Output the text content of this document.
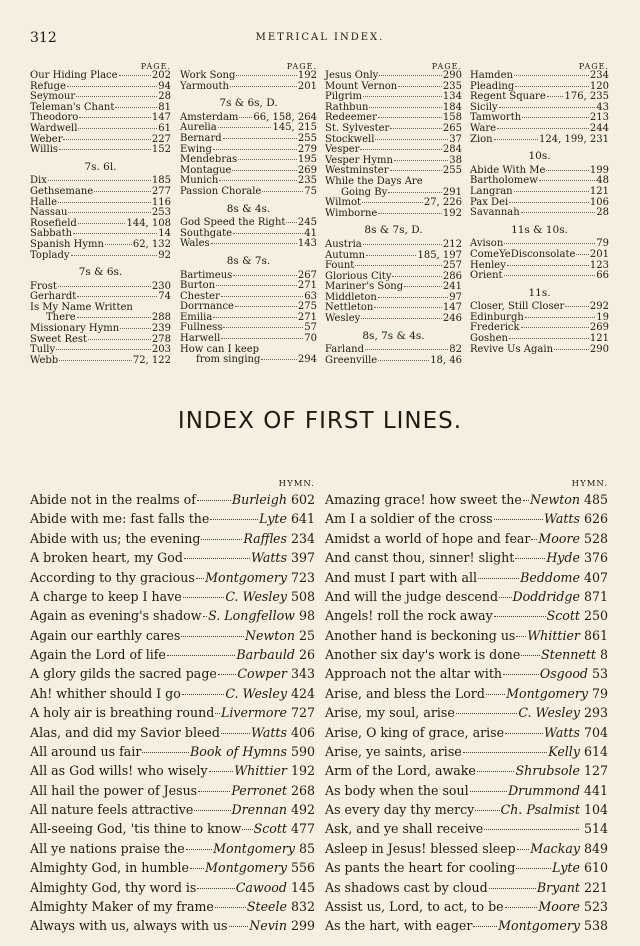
312	METRICAL INDEX.
PAGE.
Our Hiding Place	202
Refuge	94
Seymour	28
Teleman's Chant	81
Theodoro	147
Wardwell	61
Weber	227
Willis	152
7s. 6l.
Dix	185
Gethsemane	277
Halle	116
Nassau	253
Rosefield	144, 108
Sabbath	14
Spanish Hymn	62, 132
Toplady	92
7s & 6s.
Frost	230
Gerhardt	74
Is My Name Written
There	288
Missionary Hymn	239
Sweet Rest	278
Tully	203
Webb	72, 122
PAGE.
Work Song	192
Yarmouth	201
7s & 6s, D.
Amsterdam 66, 158, 264
Aurelia	145, 215
Bernard	255
Ewing	279
Mendebras	195
Montague	269
Munich	235
Passion Chorale	75
8s & 4s.
God Speed the Right 245
Southgate	41
Wales	143
8s & 7s.
Bartimeus	267
Burton	271
Chester	63
Dorrnance	275
Emilia	271
Fullness	57
Harwell	70
How can I keep
from singing	294
PAGE.
Jesus Only	290
Mount Vernon	235
Pilgrim	134
Rathbun	184
Redeemer	158
St. Sylvester	265
Stockwell	37
Vesper	284
Vesper Hymn	38
Westminster	255
While the Days Are
Going By	291
Wilmot	27, 226
Wimborne	192
8s & 7s, D.
Austria	212
Autumn	185, 197
Fount	257
Glorious City	286
Mariner's Song	241
Middleton	97
Nettleton	147
Wesley	246
8s, 7s & 4s.
Farland	82
Greenville	18, 46
PAGE.
Hamden	234
Pleading	120
Regent Square 176, 235
Sicily	43
Tamworth	213
Ware	244
Zion	124, 199, 231
10s.
Abide With Me	199
Bartholomew	48
Langran	121
Pax Dei	106
Savannah	28
11s & 10s.
Avison	79
ComeYeDisconsolate 201
Henley	123
Orient	66
11s.
Closer, Still Closer	292
Edinburgh	19
Frederick	269
Goshen	121
Revive Us Again	290
INDEX OF FIRST LINES.
HYMN.
Abide not in the realms of	Burleigh 602
Abide with me: fast falls the	Lyte 641
Abide with us; the evening	Raffles 234
A broken heart, my God	Watts 397
According to thy gracious Montgomery 723
A charge to keep I have	C. Wesley 508
Again as evening's shadow S. Longfellow 98
Again our earthly cares	Newton 25
Again the Lord of life	Barbauld 26
A glory gilds the sacred page Cowper 343
Ah! whither should I go	C. Wesley 424
A holy air is breathing round Livermore 727
Alas, and did my Savior bleed Watts 406
All around us fair	Book of Hymns 590
All as God wills! who wisely Whittier 192
All hail the power of Jesus	Perronet 268
All nature feels attractive	Drennan 492
All-seeing God, 'tis thine to know Scott 477
All ye nations praise the Montgomery 85
Almighty God, in humble Montgomery 556
Almighty God, thy word is	Cawood 145
Almighty Maker of my frame	Steele 832
Always with us, always with us Nevin 299
HYMN.
Amazing grace! how sweet the Newton 485
Am I a soldier of the cross	Watts 626
Amidst a world of hope and fear Moore 528
And canst thou, sinner! slight	Hyde 376
And must I part with all	Beddome 407
And will the judge descend Doddridge 871
Angels! roll the rock away	Scott 250
Another hand is beckoning us Whittier 861
Another six day's work is done Stennett 8
Approach not the altar with	Osgood 53
Arise, and bless the Lord Montgomery 79
Arise, my soul, arise	C. Wesley 293
Arise, O king of grace, arise	Watts 704
Arise, ye saints, arise	Kelly 614
Arm of the Lord, awake	Shrubsole 127
As body when the soul	Drummond 441
As every day thy mercy Ch. Psalmist 104
Ask, and ye shall receive	514
Asleep in Jesus! blessed sleep Mackay 849
As pants the heart for cooling	Lyte 610
As shadows cast by cloud	Bryant 221
Assist us, Lord, to act, to be	Moore 523
As the hart, with eager Montgomery 538
